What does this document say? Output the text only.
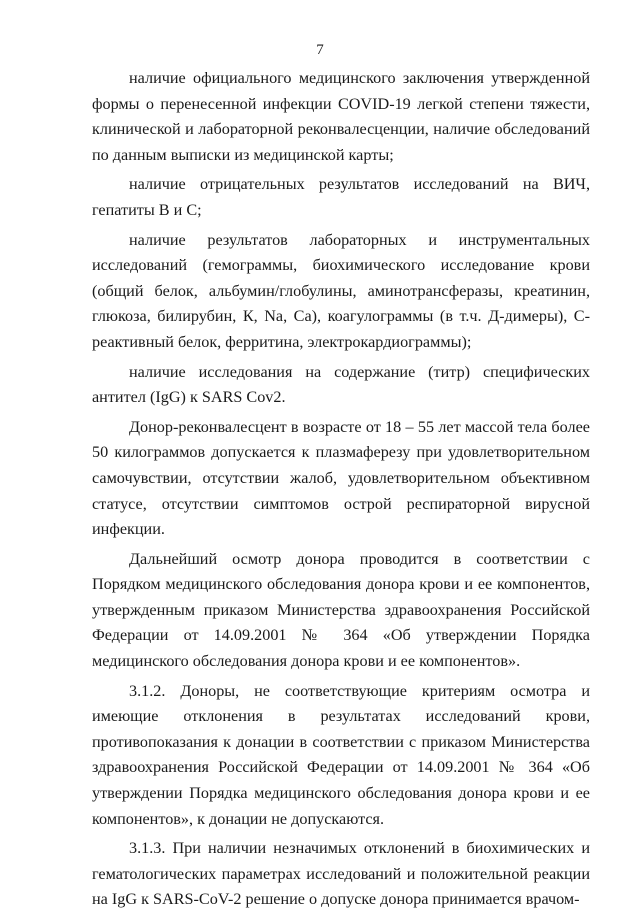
7

наличие официального медицинского заключения утвержденной формы о перенесенной инфекции COVID-19 легкой степени тяжести, клинической и лабораторной реконвалесценции, наличие обследований по данным выписки из медицинской карты;

наличие отрицательных результатов исследований на ВИЧ, гепатиты В и С;

наличие результатов лабораторных и инструментальных исследований (гемограммы, биохимического исследование крови (общий белок, альбумин/глобулины, аминотрансферазы, креатинин, глюкоза, билирубин, К, Na, Ca), коагулограммы (в т.ч. Д-димеры), С-реактивный белок, ферритина, электрокардиограммы);

наличие исследования на содержание (титр) специфических антител (IgG) к SARS Cov2.

Донор-реконвалесцент в возрасте от 18 – 55 лет массой тела более 50 килограммов допускается к плазмаферезу при удовлетворительном самочувствии, отсутствии жалоб, удовлетворительном объективном статусе, отсутствии симптомов острой респираторной вирусной инфекции.

Дальнейший осмотр донора проводится в соответствии с Порядком медицинского обследования донора крови и ее компонентов, утвержденным приказом Министерства здравоохранения Российской Федерации от 14.09.2001 № 364 «Об утверждении Порядка медицинского обследования донора крови и ее компонентов».

3.1.2. Доноры, не соответствующие критериям осмотра и имеющие отклонения в результатах исследований крови, противопоказания к донации в соответствии с приказом Министерства здравоохранения Российской Федерации от 14.09.2001 № 364 «Об утверждении Порядка медицинского обследования донора крови и ее компонентов», к донации не допускаются.

3.1.3. При наличии незначимых отклонений в биохимических и гематологических параметрах исследований и положительной реакции на IgG к SARS-CoV-2 решение о допуске донора принимается врачом-
